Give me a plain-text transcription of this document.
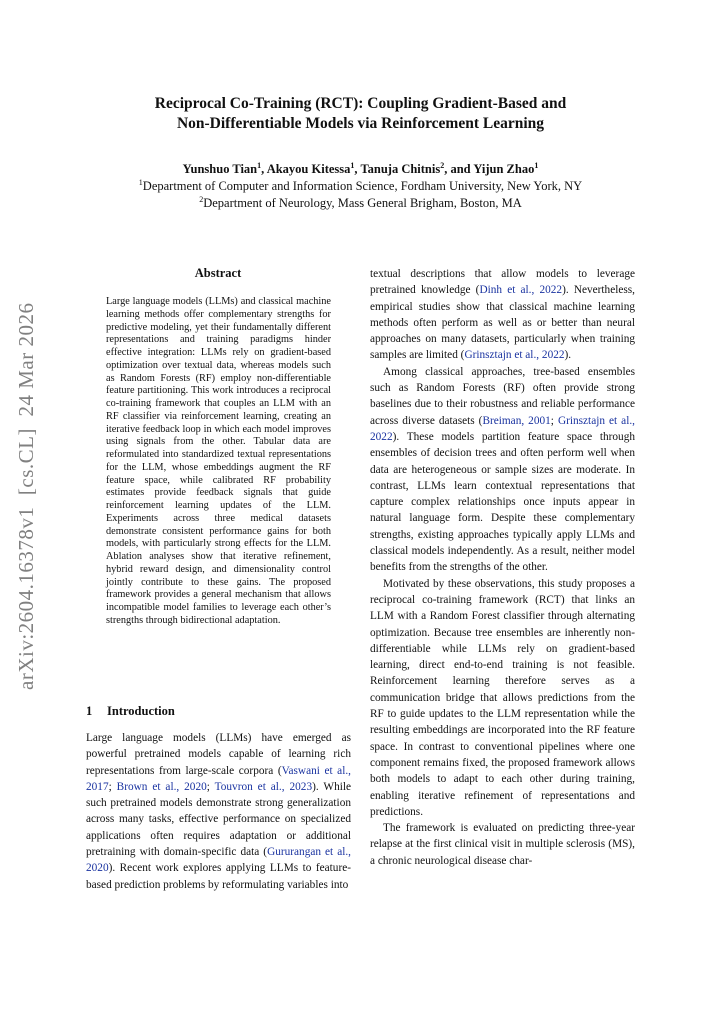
Reciprocal Co-Training (RCT): Coupling Gradient-Based and
Non-Differentiable Models via Reinforcement Learning
Yunshuo Tian$^1$, Akayou Kitessa$^1$, Tanuja Chitnis$^2$, and Yijun Zhao$^1$
$^1$Department of Computer and Information Science, Fordham University, New York, NY
$^2$Department of Neurology, Mass General Brigham, Boston, MA
arXiv:2604.16378v1  [cs.CL]  24 Mar 2026
Abstract
Large language models (LLMs) and classical machine learning methods offer complementary strengths for predictive modeling, yet their fundamentally different representations and training paradigms hinder effective integration: LLMs rely on gradient-based optimization over textual data, whereas models such as Random Forests (RF) employ non-differentiable feature partitioning. This work introduces a reciprocal co-training framework that couples an LLM with an RF classifier via reinforcement learning, creating an iterative feedback loop in which each model improves using signals from the other. Tabular data are reformulated into standardized textual representations for the LLM, whose embeddings augment the RF feature space, while calibrated RF probability estimates provide feedback signals that guide reinforcement learning updates of the LLM. Experiments across three medical datasets demonstrate consistent performance gains for both models, with particularly strong effects for the LLM. Ablation analyses show that iterative refinement, hybrid reward design, and dimensionality control jointly contribute to these gains. The proposed framework provides a general mechanism that allows incompatible model families to leverage each other’s strengths through bidirectional adaptation.
1 Introduction

Large language models (LLMs) have emerged as powerful pretrained models capable of learning rich representations from large-scale corpora (Vaswani et al., 2017; Brown et al., 2020; Touvron et al., 2023). While such pretrained models demonstrate strong generalization across many tasks, effective performance on specialized applications often requires adaptation or additional pretraining with domain-specific data (Gururangan et al., 2020). Recent work explores applying LLMs to feature-based prediction problems by reformulating variables into

textual descriptions that allow models to leverage pretrained knowledge (Dinh et al., 2022). Nevertheless, empirical studies show that classical machine learning methods often perform as well as or better than neural approaches on many datasets, particularly when training samples are limited (Grinsztajn et al., 2022).

Among classical approaches, tree-based ensembles such as Random Forests (RF) often provide strong baselines due to their robustness and reliable performance across diverse datasets (Breiman, 2001; Grinsztajn et al., 2022). These models partition feature space through ensembles of decision trees and often perform well when data are heterogeneous or sample sizes are moderate. In contrast, LLMs learn contextual representations that capture complex relationships once inputs appear in natural language form. Despite these complementary strengths, existing approaches typically apply LLMs and classical models independently. As a result, neither model benefits from the strengths of the other.

Motivated by these observations, this study proposes a reciprocal co-training framework (RCT) that links an LLM with a Random Forest classifier through alternating optimization. Because tree ensembles are inherently non-differentiable while LLMs rely on gradient-based learning, direct end-to-end training is not feasible. Reinforcement learning therefore serves as a communication bridge that allows predictions from the RF to guide updates to the LLM representation while the resulting embeddings are incorporated into the RF feature space. In contrast to conventional pipelines where one component remains fixed, the proposed framework allows both models to adapt to each other during training, enabling iterative refinement of representations and predictions.

The framework is evaluated on predicting three-year relapse at the first clinical visit in multiple sclerosis (MS), a chronic neurological disease char-
